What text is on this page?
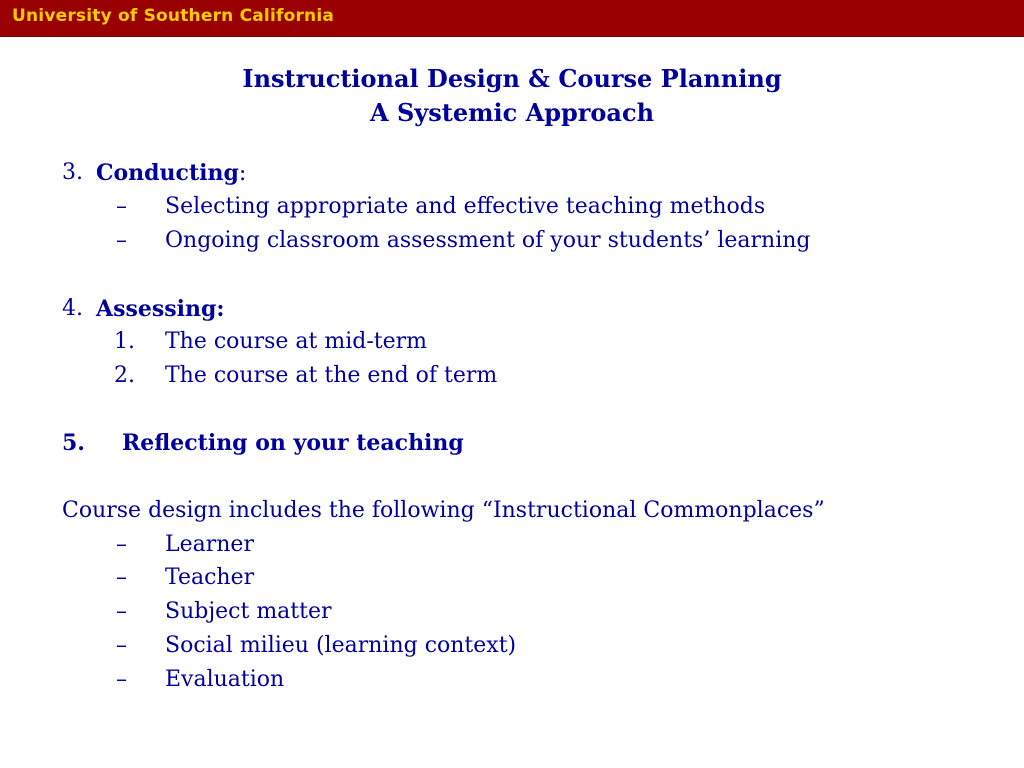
University of Southern California
Instructional Design & Course Planning
A Systemic Approach
3. Conducting:
– Selecting appropriate and effective teaching methods
– Ongoing classroom assessment of your students’ learning
4. Assessing:
1. The course at mid-term
2. The course at the end of term
5. Reflecting on your teaching
Course design includes the following “Instructional Commonplaces”
– Learner
– Teacher
– Subject matter
– Social milieu (learning context)
– Evaluation
